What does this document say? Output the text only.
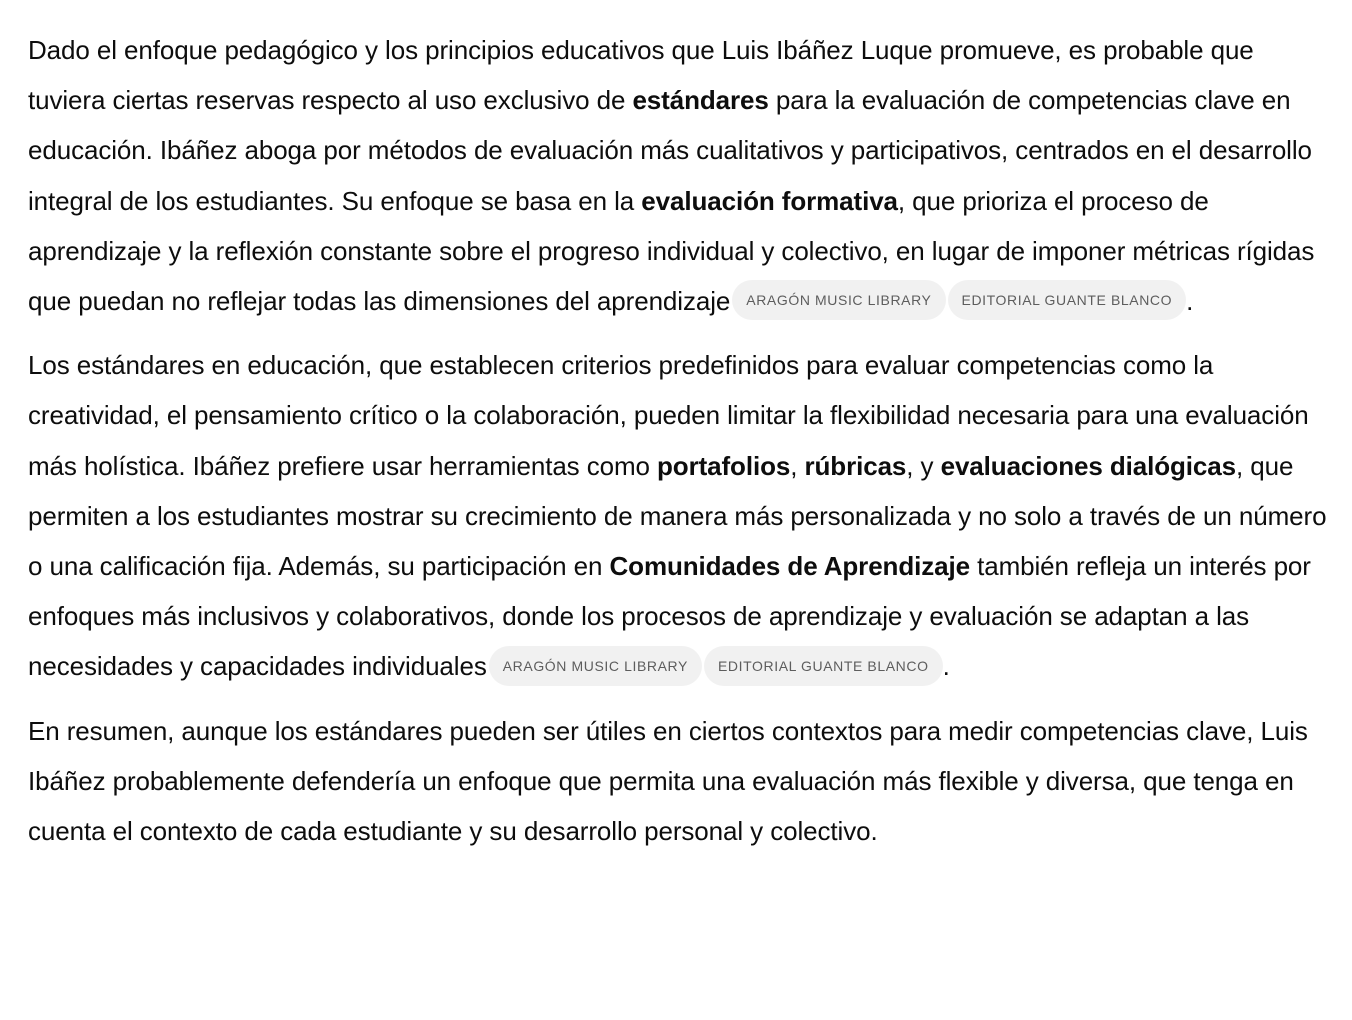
Dado el enfoque pedagógico y los principios educativos que Luis Ibáñez Luque promueve, es probable que tuviera ciertas reservas respecto al uso exclusivo de estándares para la evaluación de competencias clave en educación. Ibáñez aboga por métodos de evaluación más cualitativos y participativos, centrados en el desarrollo integral de los estudiantes. Su enfoque se basa en la evaluación formativa, que prioriza el proceso de aprendizaje y la reflexión constante sobre el progreso individual y colectivo, en lugar de imponer métricas rígidas que puedan no reflejar todas las dimensiones del aprendizaje ARAGÓN MUSIC LIBRARY EDITORIAL GUANTE BLANCO .

Los estándares en educación, que establecen criterios predefinidos para evaluar competencias como la creatividad, el pensamiento crítico o la colaboración, pueden limitar la flexibilidad necesaria para una evaluación más holística. Ibáñez prefiere usar herramientas como portafolios, rúbricas, y evaluaciones dialógicas, que permiten a los estudiantes mostrar su crecimiento de manera más personalizada y no solo a través de un número o una calificación fija. Además, su participación en Comunidades de Aprendizaje también refleja un interés por enfoques más inclusivos y colaborativos, donde los procesos de aprendizaje y evaluación se adaptan a las necesidades y capacidades individuales ARAGÓN MUSIC LIBRARY EDITORIAL GUANTE BLANCO .

En resumen, aunque los estándares pueden ser útiles en ciertos contextos para medir competencias clave, Luis Ibáñez probablemente defendería un enfoque que permita una evaluación más flexible y diversa, que tenga en cuenta el contexto de cada estudiante y su desarrollo personal y colectivo.
